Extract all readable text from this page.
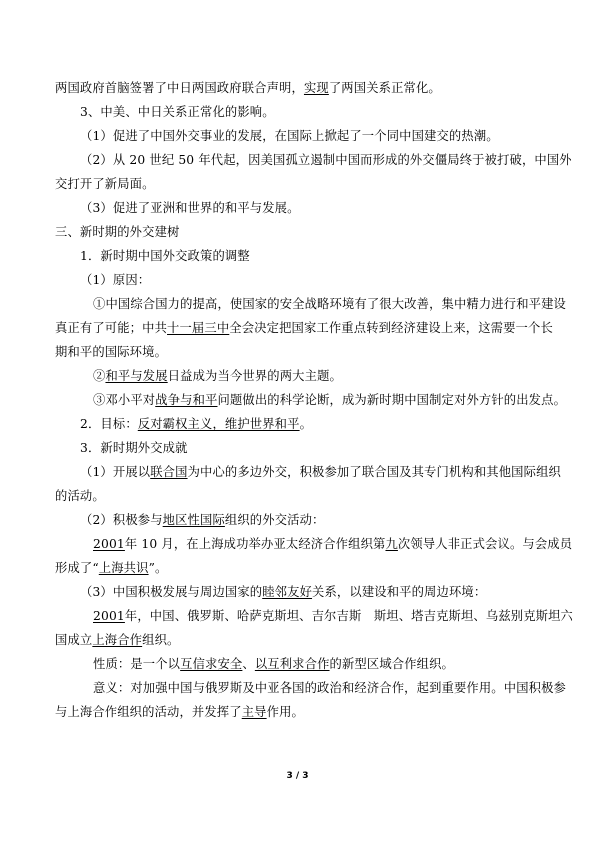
两国政府首脑签署了中日两国政府联合声明，实现了两国关系正常化。
3、中美、中日关系正常化的影响。
（1）促进了中国外交事业的发展，在国际上掀起了一个同中国建交的热潮。
（2）从 20 世纪 50 年代起，因美国孤立遏制中国而形成的外交僵局终于被打破，中国外
交打开了新局面。
（3）促进了亚洲和世界的和平与发展。
三、新时期的外交建树
1．新时期中国外交政策的调整
（1）原因：
①中国综合国力的提高，使国家的安全战略环境有了很大改善，集中精力进行和平建设
真正有了可能；中共十一届三中全会决定把国家工作重点转到经济建设上来，这需要一个长
期和平的国际环境。
②和平与发展日益成为当今世界的两大主题。
③邓小平对战争与和平问题做出的科学论断，成为新时期中国制定对外方针的出发点。
2．目标：反对霸权主义，维护世界和平。
3．新时期外交成就
（1）开展以联合国为中心的多边外交，积极参加了联合国及其专门机构和其他国际组织
的活动。
（2）积极参与地区性国际组织的外交活动：
2001年 10 月，在上海成功举办亚太经济合作组织第九次领导人非正式会议。与会成员
形成了“上海共识”。
（3）中国积极发展与周边国家的睦邻友好关系，以建设和平的周边环境：
2001年，中国、俄罗斯、哈萨克斯坦、吉尔吉斯　斯坦、塔吉克斯坦、乌兹别克斯坦六
国成立上海合作组织。
性质：是一个以互信求安全、以互利求合作的新型区域合作组织。
意义：对加强中国与俄罗斯及中亚各国的政治和经济合作，起到重要作用。中国积极参
与上海合作组织的活动，并发挥了主导作用。
3 / 3
